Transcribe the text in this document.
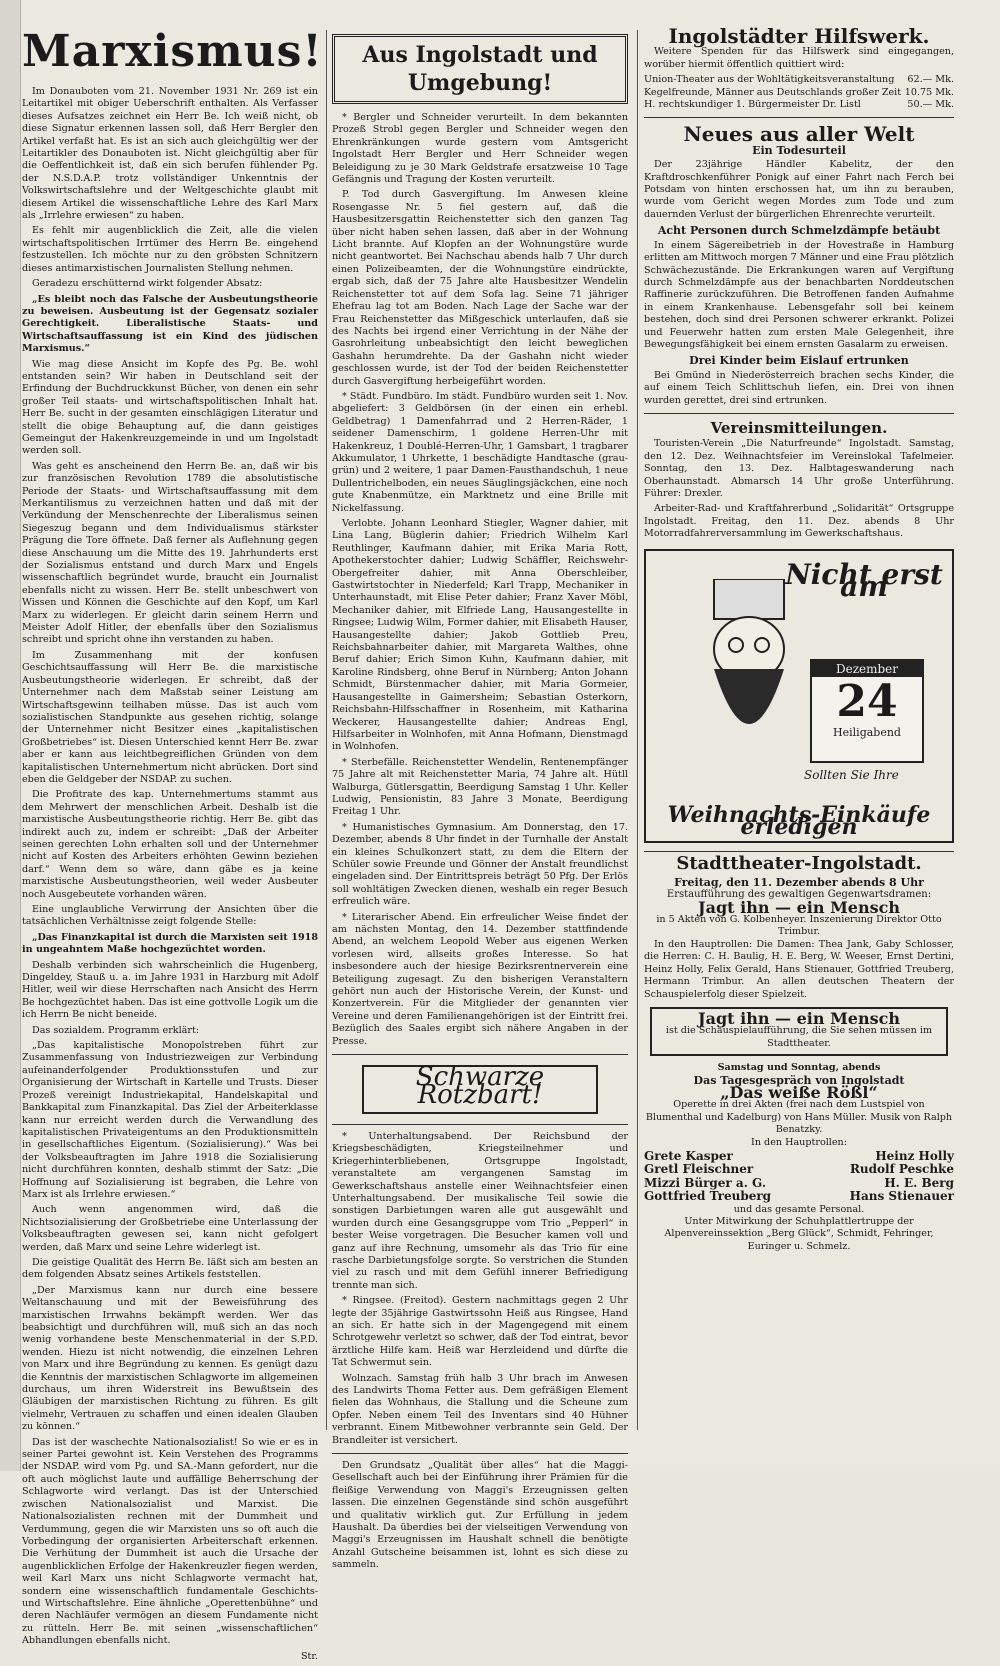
Marxismus!

Im Donauboten vom 21. November 1931 Nr. 269 ist ein Leitartikel mit obiger Ueberschrift enthalten. Als Verfasser dieses Aufsatzes zeichnet ein Herr Be. Ich weiß nicht, ob diese Signatur erkennen lassen soll, daß Herr Bergler den Artikel verfaßt hat. Es ist an sich auch gleichgültig wer der Leitartikler des Donauboten ist. Nicht gleichgültig aber für die Oeffentlichkeit ist, daß ein sich berufen fühlender Pg. der N.S.D.A.P. trotz vollständiger Unkenntnis der Volkswirtschaftslehre und der Weltgeschichte glaubt mit diesem Artikel die wissenschaftliche Lehre des Karl Marx als „Irrlehre erwiesen“ zu haben.

Es fehlt mir augenblicklich die Zeit, alle die vielen wirtschaftspolitischen Irrtümer des Herrn Be. eingehend festzustellen. Ich möchte nur zu den gröbsten Schnitzern dieses antimarxistischen Journalisten Stellung nehmen.

Geradezu erschütternd wirkt folgender Absatz:

„Es bleibt noch das Falsche der Ausbeutungstheorie zu beweisen. Ausbeutung ist der Gegensatz sozialer Gerechtigkeit. Liberalistische Staats- und Wirtschaftsauffassung ist ein Kind des jüdischen Marxismus.“

Wie mag diese Ansicht im Kopfe des Pg. Be. wohl entstanden sein? Wir haben in Deutschland seit der Erfindung der Buchdruckkunst Bücher, von denen ein sehr großer Teil staats- und wirtschaftspolitischen Inhalt hat. Herr Be. sucht in der gesamten einschlägigen Literatur und stellt die obige Behauptung auf, die dann geistiges Gemeingut der Hakenkreuzgemeinde in und um Ingolstadt werden soll.

Was geht es anscheinend den Herrn Be. an, daß wir bis zur französischen Revolution 1789 die absolutistische Periode der Staats- und Wirtschaftsauffassung mit dem Merkantilismus zu verzeichnen hatten und daß mit der Verkündung der Menschenrechte der Liberalismus seinen Siegeszug begann und dem Individualismus stärkster Prägung die Tore öffnete. Daß ferner als Auflehnung gegen diese Anschauung um die Mitte des 19. Jahrhunderts erst der Sozialismus entstand und durch Marx und Engels wissenschaftlich begründet wurde, braucht ein Journalist ebenfalls nicht zu wissen. Herr Be. stellt unbeschwert von Wissen und Können die Geschichte auf den Kopf, um Karl Marx zu widerlegen. Er gleicht darin seinem Herrn und Meister Adolf Hitler, der ebenfalls über den Sozialismus schreibt und spricht ohne ihn verstanden zu haben.

Im Zusammenhang mit der konfusen Geschichtsauffassung will Herr Be. die marxistische Ausbeutungstheorie widerlegen. Er schreibt, daß der Unternehmer nach dem Maßstab seiner Leistung am Wirtschaftsgewinn teilhaben müsse. Das ist auch vom sozialistischen Standpunkte aus gesehen richtig, solange der Unternehmer nicht Besitzer eines „kapitalistischen Großbetriebes“ ist. Diesen Unterschied kennt Herr Be. zwar aber er kann aus leichtbegreiflichen Gründen von dem kapitalistischen Unternehmertum nicht abrücken. Dort sind eben die Geldgeber der NSDAP. zu suchen.

Die Profitrate des kap. Unternehmertums stammt aus dem Mehrwert der menschlichen Arbeit. Deshalb ist die marxistische Ausbeutungstheorie richtig. Herr Be. gibt das indirekt auch zu, indem er schreibt: „Daß der Arbeiter seinen gerechten Lohn erhalten soll und der Unternehmer nicht auf Kosten des Arbeiters erhöhten Gewinn beziehen darf.“ Wenn dem so wäre, dann gäbe es ja keine marxistische Ausbeutungstheorien, weil weder Ausbeuter noch Ausgebeutete vorhanden wären.

Eine unglaubliche Verwirrung der Ansichten über die tatsächlichen Verhältnisse zeigt folgende Stelle:

„Das Finanzkapital ist durch die Marxisten seit 1918 in ungeahntem Maße hochgezüchtet worden.

Deshalb verbinden sich wahrscheinlich die Hugenberg, Dingeldey, Stauß u. a. im Jahre 1931 in Harzburg mit Adolf Hitler, weil wir diese Herrschaften nach Ansicht des Herrn Be hochgezüchtet haben. Das ist eine gottvolle Logik um die ich Herrn Be nicht beneide.

Das sozialdem. Programm erklärt:

„Das kapitalistische Monopolstreben führt zur Zusammenfassung von Industriezweigen zur Verbindung aufeinanderfolgender Produktionsstufen und zur Organisierung der Wirtschaft in Kartelle und Trusts. Dieser Prozeß vereinigt Industriekapital, Handelskapital und Bankkapital zum Finanzkapital. Das Ziel der Arbeiterklasse kann nur erreicht werden durch die Verwandlung des kapitalistischen Privateigentums an den Produktionsmitteln in gesellschaftliches Eigentum. (Sozialisierung).“ Was bei der Volksbeauftragten im Jahre 1918 die Sozialisierung nicht durchführen konnten, deshalb stimmt der Satz: „Die Hoffnung auf Sozialisierung ist begraben, die Lehre von Marx ist als Irrlehre erwiesen.“

Auch wenn angenommen wird, daß die Nichtsozialisierung der Großbetriebe eine Unterlassung der Volksbeauftragten gewesen sei, kann nicht gefolgert werden, daß Marx und seine Lehre widerlegt ist.

Die geistige Qualität des Herrn Be. läßt sich am besten an dem folgenden Absatz seines Artikels feststellen.

„Der Marxismus kann nur durch eine bessere Weltanschauung und mit der Beweisführung des marxistischen Irrwahns bekämpft werden. Wer das beabsichtigt und durchführen will, muß sich an das noch wenig vorhandene beste Menschenmaterial in der S.P.D. wenden. Hiezu ist nicht notwendig, die einzelnen Lehren von Marx und ihre Begründung zu kennen. Es genügt dazu die Kenntnis der marxistischen Schlagworte im allgemeinen durchaus, um ihren Widerstreit ins Bewußtsein des Gläubigen der marxistischen Richtung zu führen. Es gilt vielmehr, Vertrauen zu schaffen und einen idealen Glauben zu können.“

Das ist der waschechte Nationalsozialist! So wie er es in seiner Partei gewohnt ist. Kein Verstehen des Programms der NSDAP. wird vom Pg. und SA.-Mann gefordert, nur die oft auch möglichst laute und auffällige Beherrschung der Schlagworte wird verlangt. Das ist der Unterschied zwischen Nationalsozialist und Marxist. Die Nationalsozialisten rechnen mit der Dummheit und Verdummung, gegen die wir Marxisten uns so oft auch die Vorbedingung der organisierten Arbeiterschaft erkennen. Die Verhütung der Dummheit ist auch die Ursache der augenblicklichen Erfolge der Hakenkreuzler fiegen werden, weil Karl Marx uns nicht Schlagworte vermacht hat, sondern eine wissenschaftlich fundamentale Geschichts- und Wirtschaftslehre. Eine ähnliche „Operettenbühne“ und deren Nachläufer vermögen an diesem Fundamente nicht zu rütteln. Herr Be. mit seinen „wissenschaftlichen“ Abhandlungen ebenfalls nicht.

Str.

Aus Ingolstadt und Umgebung!

* Bergler und Schneider verurteilt. In dem bekannten Prozeß Strobl gegen Bergler und Schneider wegen den Ehrenkränkungen wurde gestern vom Amtsgericht Ingolstadt Herr Bergler und Herr Schneider wegen Beleidigung zu je 30 Mark Geldstrafe ersatzweise 10 Tage Gefängnis und Tragung der Kosten verurteilt.

P. Tod durch Gasvergiftung. Im Anwesen kleine Rosengasse Nr. 5 fiel gestern auf, daß die Hausbesitzersgattin Reichenstetter sich den ganzen Tag über nicht haben sehen lassen, daß aber in der Wohnung Licht brannte. Auf Klopfen an der Wohnungstüre wurde nicht geantwortet. Bei Nachschau abends halb 7 Uhr durch einen Polizeibeamten, der die Wohnungstüre eindrückte, ergab sich, daß der 75 Jahre alte Hausbesitzer Wendelin Reichenstetter tot auf dem Sofa lag. Seine 71 jähriger Ehefrau lag tot am Boden. Nach Lage der Sache war der Frau Reichenstetter das Mißgeschick unterlaufen, daß sie des Nachts bei irgend einer Verrichtung in der Nähe der Gasrohrleitung unbeabsichtigt den leicht beweglichen Gashahn herumdrehte. Da der Gashahn nicht wieder geschlossen wurde, ist der Tod der beiden Reichenstetter durch Gasvergiftung herbeigeführt worden.

* Städt. Fundbüro. Im städt. Fundbüro wurden seit 1. Nov. abgeliefert: 3 Geldbörsen (in der einen ein erhebl. Geldbetrag) 1 Damenfahrrad und 2 Herren-Räder, 1 seidener Damenschirm, 1 goldene Herren-Uhr mit Hakenkreuz, 1 Doublé-Herren-Uhr, 1 Gamsbart, 1 tragbarer Akkumulator, 1 Uhrkette, 1 beschädigte Handtasche (grau-grün) und 2 weitere, 1 paar Damen-Fausthandschuh, 1 neue Dullentrichelboden, ein neues Säuglingsjäckchen, eine noch gute Knabenmütze, ein Marktnetz und eine Brille mit Nickelfassung.

Verlobte. Johann Leonhard Stiegler, Wagner dahier, mit Lina Lang, Büglerin dahier; Friedrich Wilhelm Karl Reuthlinger, Kaufmann dahier, mit Erika Maria Rott, Apothekerstochter dahier; Ludwig Schäffler, Reichswehr-Obergefreiter dahier, mit Anna Oberschleiber, Gastwirtstochter in Niederfeld; Karl Trapp, Mechaniker in Unterhaunstadt, mit Elise Peter dahier; Franz Xaver Möbl, Mechaniker dahier, mit Elfriede Lang, Hausangestellte in Ringsee; Ludwig Wilm, Former dahier, mit Elisabeth Hauser, Hausangestellte dahier; Jakob Gottlieb Preu, Reichsbahnarbeiter dahier, mit Margareta Walthes, ohne Beruf dahier; Erich Simon Kuhn, Kaufmann dahier, mit Karoline Rindsberg, ohne Beruf in Nürnberg; Anton Johann Schmidt, Bürstenmacher dahier, mit Maria Gormeier, Hausangestellte in Gaimersheim; Sebastian Osterkorn, Reichsbahn-Hilfsschaffner in Rosenheim, mit Katharina Weckerer, Hausangestellte dahier; Andreas Engl, Hilfsarbeiter in Wolnhofen, mit Anna Hofmann, Dienstmagd in Wolnhofen.

* Sterbefälle. Reichenstetter Wendelin, Rentenempfänger 75 Jahre alt mit Reichenstetter Maria, 74 Jahre alt. Hütll Walburga, Gütlersgattin, Beerdigung Samstag 1 Uhr. Keller Ludwig, Pensionistin, 83 Jahre 3 Monate, Beerdigung Freitag 1 Uhr.

* Humanistisches Gymnasium. Am Donnerstag, den 17. Dezember, abends 8 Uhr findet in der Turnhalle der Anstalt ein kleines Schulkonzert statt, zu dem die Eltern der Schüler sowie Freunde und Gönner der Anstalt freundlichst eingeladen sind. Der Eintrittspreis beträgt 50 Pfg. Der Erlös soll wohltätigen Zwecken dienen, weshalb ein reger Besuch erfreulich wäre.

* Literarischer Abend. Ein erfreulicher Weise findet der am nächsten Montag, den 14. Dezember stattfindende Abend, an welchem Leopold Weber aus eigenen Werken vorlesen wird, allseits großes Interesse. So hat insbesondere auch der hiesige Bezirksrentnerverein eine Beteiligung zugesagt. Zu den bisherigen Veranstaltern gehört nun auch der Historische Verein, der Kunst- und Konzertverein. Für die Mitglieder der genannten vier Vereine und deren Familienangehörigen ist der Eintritt frei. Bezüglich des Saales ergibt sich nähere Angaben in der Presse.

Schwarze Rotzbart!

* Unterhaltungsabend. Der Reichsbund der Kriegsbeschädigten, Kriegsteilnehmer und Kriegerhinterbliebenen, Ortsgruppe Ingolstadt, veranstaltete am vergangenen Samstag im Gewerkschaftshaus anstelle einer Weihnachtsfeier einen Unterhaltungsabend. Der musikalische Teil sowie die sonstigen Darbietungen waren alle gut ausgewählt und wurden durch eine Gesangsgruppe vom Trio „Pepperl“ in bester Weise vorgetragen. Die Besucher kamen voll und ganz auf ihre Rechnung, umsomehr als das Trio für eine rasche Darbietungsfolge sorgte. So verstrichen die Stunden viel zu rasch und mit dem Gefühl innerer Befriedigung trennte man sich.

* Ringsee. (Freitod). Gestern nachmittags gegen 2 Uhr legte der 35jährige Gastwirtssohn Heiß aus Ringsee, Hand an sich. Er hatte sich in der Magengegend mit einem Schrotgewehr verletzt so schwer, daß der Tod eintrat, bevor ärztliche Hilfe kam. Heiß war Herzleidend und dürfte die Tat Schwermut sein.

Wolnzach. Samstag früh halb 3 Uhr brach im Anwesen des Landwirts Thoma Fetter aus. Dem gefräßigen Element fielen das Wohnhaus, die Stallung und die Scheune zum Opfer. Neben einem Teil des Inventars sind 40 Hühner verbrannt. Einem Mitbewohner verbrannte sein Geld. Der Brandleiter ist versichert.

Den Grundsatz „Qualität über alles“ hat die Maggi-Gesellschaft auch bei der Einführung ihrer Prämien für die fleißige Verwendung von Maggi's Erzeugnissen gelten lassen. Die einzelnen Gegenstände sind schön ausgeführt und qualitativ wirklich gut. Zur Erfüllung in jedem Haushalt. Da überdies bei der vielseitigen Verwendung von Maggi's Erzeugnissen im Haushalt schnell die benötigte Anzahl Gutscheine beisammen ist, lohnt es sich diese zu sammeln.

Ingolstädter Hilfswerk.

Weitere Spenden für das Hilfswerk sind eingegangen, worüber hiermit öffentlich quittiert wird:

Union-Theater aus der Wohltätigkeitsveranstaltung 62.— Mk.
Kegelfreunde, Männer aus Deutschlands großer Zeit 10.75 Mk.
H. rechtskundiger 1. Bürgermeister Dr. Listl	50.— Mk.
Neues aus aller Welt
Ein Todesurteil

Der 23jährige Händler Kabelitz, der den Kraftdroschkenführer Ponigk auf einer Fahrt nach Ferch bei Potsdam von hinten erschossen hat, um ihn zu berauben, wurde vom Gericht wegen Mordes zum Tode und zum dauernden Verlust der bürgerlichen Ehrenrechte verurteilt.

Acht Personen durch Schmelzdämpfe betäubt

In einem Sägereibetrieb in der Hovestraße in Hamburg erlitten am Mittwoch morgen 7 Männer und eine Frau plötzlich Schwächezustände. Die Erkrankungen waren auf Vergiftung durch Schmelzdämpfe aus der benachbarten Norddeutschen Raffinerie zurückzuführen. Die Betroffenen fanden Aufnahme in einem Krankenhause. Lebensgefahr soll bei keinem bestehen, doch sind drei Personen schwerer erkrankt. Polizei und Feuerwehr hatten zum ersten Male Gelegenheit, ihre Bewegungsfähigkeit bei einem ernsten Gasalarm zu erweisen.

Drei Kinder beim Eislauf ertrunken

Bei Gmünd in Niederösterreich brachen sechs Kinder, die auf einem Teich Schlittschuh liefen, ein. Drei von ihnen wurden gerettet, drei sind ertrunken.

Vereinsmitteilungen.

Touristen-Verein „Die Naturfreunde“ Ingolstadt. Samstag, den 12. Dez. Weihnachtsfeier im Vereinslokal Tafelmeier. Sonntag, den 13. Dez. Halbtageswanderung nach Oberhaunstadt. Abmarsch 14 Uhr große Unterführung. Führer: Drexler.

Arbeiter-Rad- und Kraftfahrerbund „Solidarität“ Ortsgruppe Ingolstadt. Freitag, den 11. Dez. abends 8 Uhr Motorradfahrerversammlung im Gewerkschaftshaus.

Nicht erst am
Dezember
24
Heiligabend
Sollten Sie Ihre
Weihnachts-Einkäufe erledigen
Stadttheater-Ingolstadt.
Freitag, den 11. Dezember abends 8 Uhr
Erstaufführung des gewaltigen Gegenwartsdramen:
Jagt ihn — ein Mensch
in 5 Akten von G. Kolbenheyer. Inszenierung Direktor Otto Trimbur.

In den Hauptrollen: Die Damen: Thea Jank, Gaby Schlosser, die Herren: C. H. Baulig, H. E. Berg, W. Weeser, Ernst Dertini, Heinz Holly, Felix Gerald, Hans Stienauer, Gottfried Treuberg, Hermann Trimbur. An allen deutschen Theatern der Schauspielerfolg dieser Spielzeit.

Jagt ihn — ein Mensch
ist die Schauspielaufführung, die Sie sehen müssen im Stadttheater.
Samstag und Sonntag, abends
Das Tagesgespräch von Ingolstadt
„Das weiße Rößl“
Operette in drei Akten (frei nach dem Lustspiel von Blumenthal und Kadelburg) von Hans Müller. Musik von Ralph Benatzky.
In den Hauptrollen:
Grete Kasper	Heinz Holly
Gretl Fleischner	Rudolf Peschke
Mizzi Bürger a. G.	H. E. Berg
Gottfried Treuberg	Hans Stienauer
und das gesamte Personal.
Unter Mitwirkung der Schuhplattlertruppe der Alpenvereinssektion „Berg Glück“, Schmidt, Fehringer, Euringer u. Schmelz.
